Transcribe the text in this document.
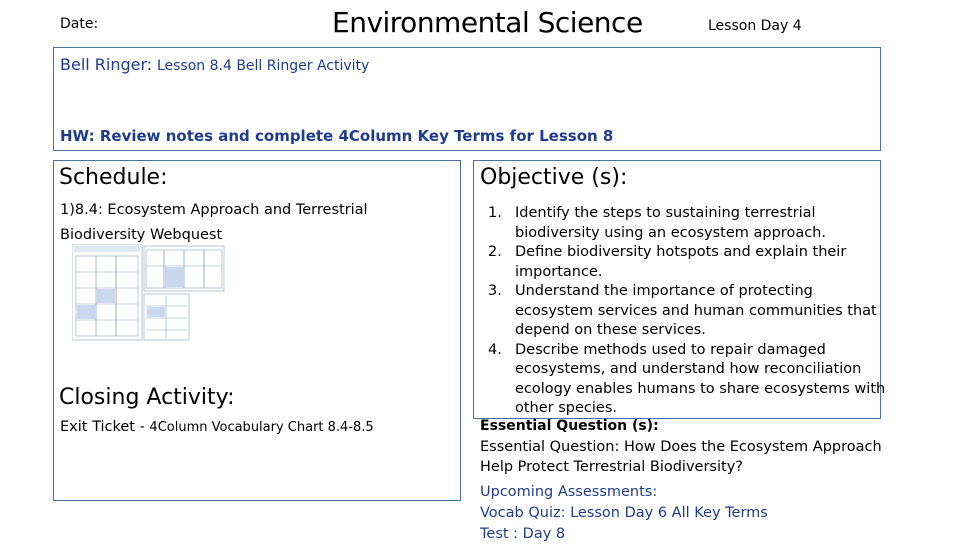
Date:	Environmental Science	Lesson Day 4
Bell Ringer: Lesson 8.4 Bell Ringer Activity
HW: Review notes and complete 4Column Key Terms for Lesson 8
Schedule:
1)8.4: Ecosystem Approach and Terrestrial Biodiversity Webquest
Closing Activity:
Exit Ticket - 4Column Vocabulary Chart 8.4-8.5
Objective (s):
1. Identify the steps to sustaining terrestrial biodiversity using an ecosystem approach.
2. Define biodiversity hotspots and explain their importance.
3. Understand the importance of protecting ecosystem services and human communities that depend on these services.
4. Describe methods used to repair damaged ecosystems, and understand how reconciliation ecology enables humans to share ecosystems with other species.
Essential Question (s):
Essential Question: How Does the Ecosystem Approach Help Protect Terrestrial Biodiversity?
Upcoming Assessments:
Vocab Quiz: Lesson Day 6 All Key Terms
Test : Day 8
